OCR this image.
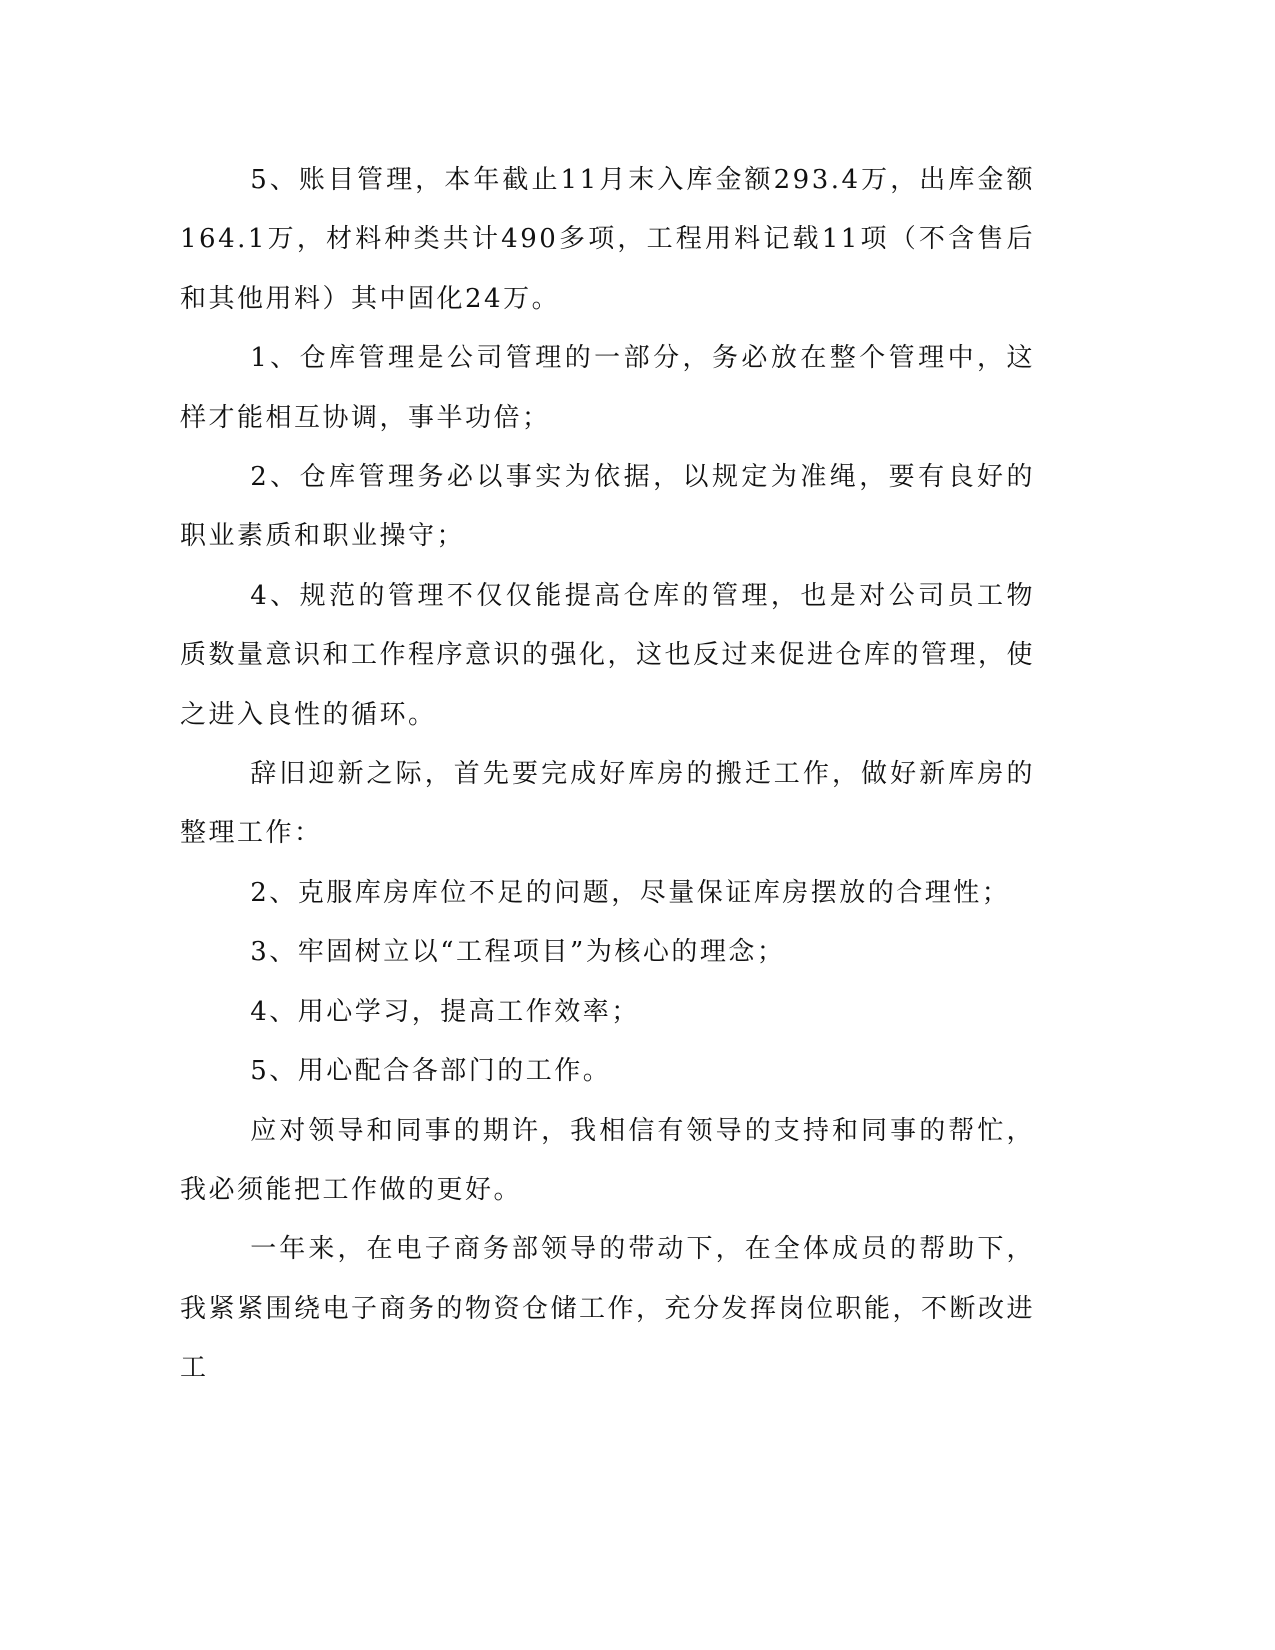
5、账目管理，本年截止11月末入库金额293.4万，出库金额164.1万，材料种类共计490多项，工程用料记载11项（不含售后和其他用料）其中固化24万。

1、仓库管理是公司管理的一部分，务必放在整个管理中，这样才能相互协调，事半功倍；

2、仓库管理务必以事实为依据，以规定为准绳，要有良好的职业素质和职业操守；

4、规范的管理不仅仅能提高仓库的管理，也是对公司员工物质数量意识和工作程序意识的强化，这也反过来促进仓库的管理，使之进入良性的循环。

辞旧迎新之际，首先要完成好库房的搬迁工作，做好新库房的整理工作：

2、克服库房库位不足的问题，尽量保证库房摆放的合理性；

3、牢固树立以“工程项目”为核心的理念；

4、用心学习，提高工作效率；

5、用心配合各部门的工作。

应对领导和同事的期许，我相信有领导的支持和同事的帮忙，我必须能把工作做的更好。

一年来，在电子商务部领导的带动下，在全体成员的帮助下，我紧紧围绕电子商务的物资仓储工作，充分发挥岗位职能，不断改进工
